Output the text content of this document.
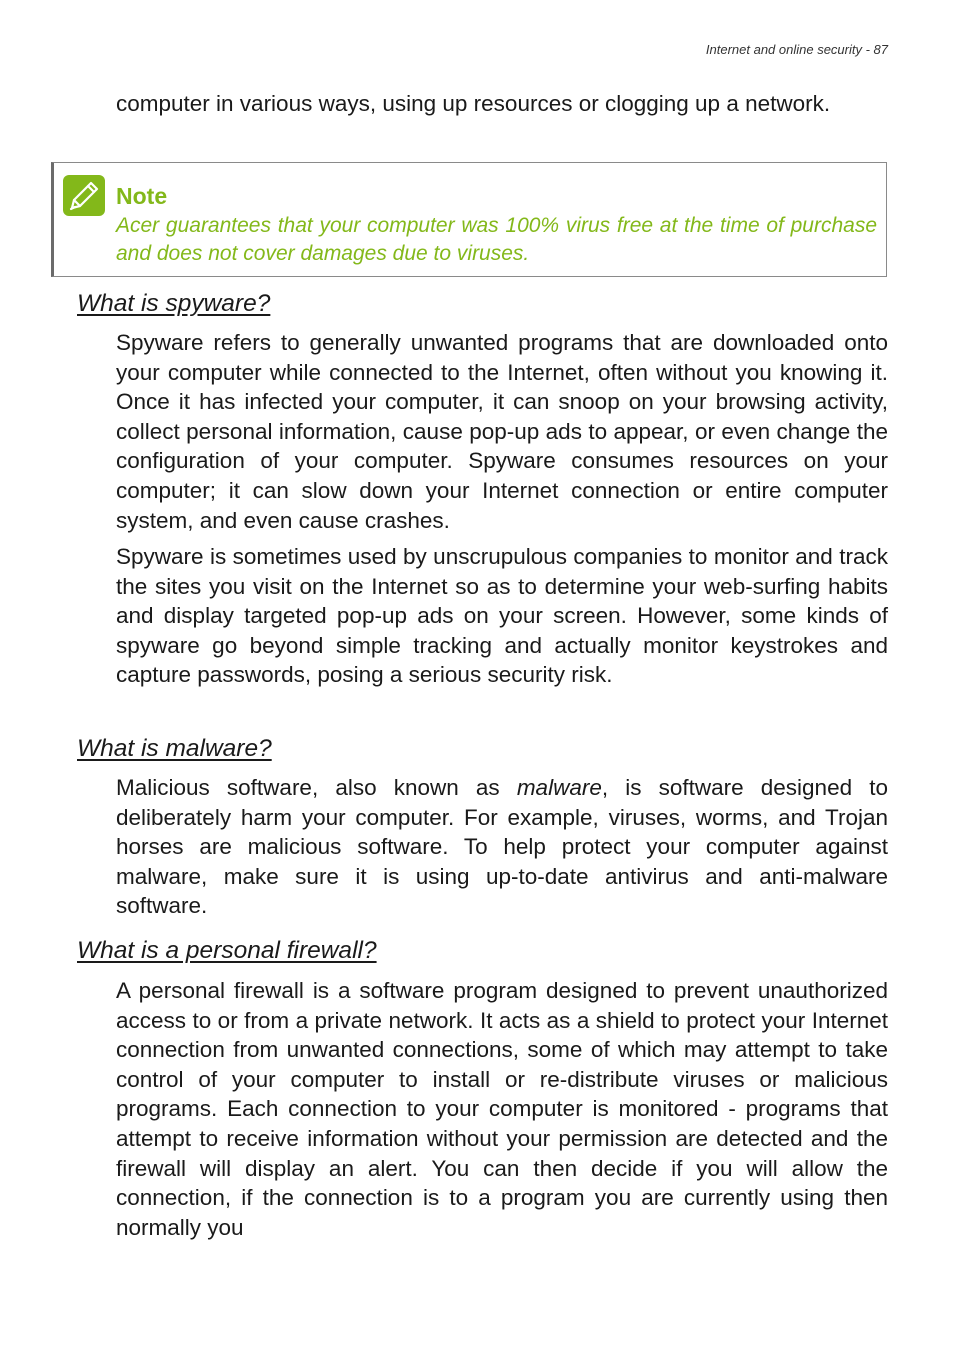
Internet and online security - 87

computer in various ways, using up resources or clogging up a network.

Note

Acer guarantees that your computer was 100% virus free at the time of purchase and does not cover damages due to viruses.

What is spyware?

Spyware refers to generally unwanted programs that are downloaded onto your computer while connected to the Internet, often without you knowing it. Once it has infected your computer, it can snoop on your browsing activity, collect personal information, cause pop-up ads to appear, or even change the configuration of your computer. Spyware consumes resources on your computer; it can slow down your Internet connection or entire computer system, and even cause crashes.

Spyware is sometimes used by unscrupulous companies to monitor and track the sites you visit on the Internet so as to determine your web-surfing habits and display targeted pop-up ads on your screen. However, some kinds of spyware go beyond simple tracking and actually monitor keystrokes and capture passwords, posing a serious security risk.

What is malware?

Malicious software, also known as malware, is software designed to deliberately harm your computer. For example, viruses, worms, and Trojan horses are malicious software. To help protect your computer against malware, make sure it is using up-to-date antivirus and anti-malware software.

What is a personal firewall?

A personal firewall is a software program designed to prevent unauthorized access to or from a private network. It acts as a shield to protect your Internet connection from unwanted connections, some of which may attempt to take control of your computer to install or re-distribute viruses or malicious programs. Each connection to your computer is monitored - programs that attempt to receive information without your permission are detected and the firewall will display an alert. You can then decide if you will allow the connection, if the connection is to a program you are currently using then normally you
